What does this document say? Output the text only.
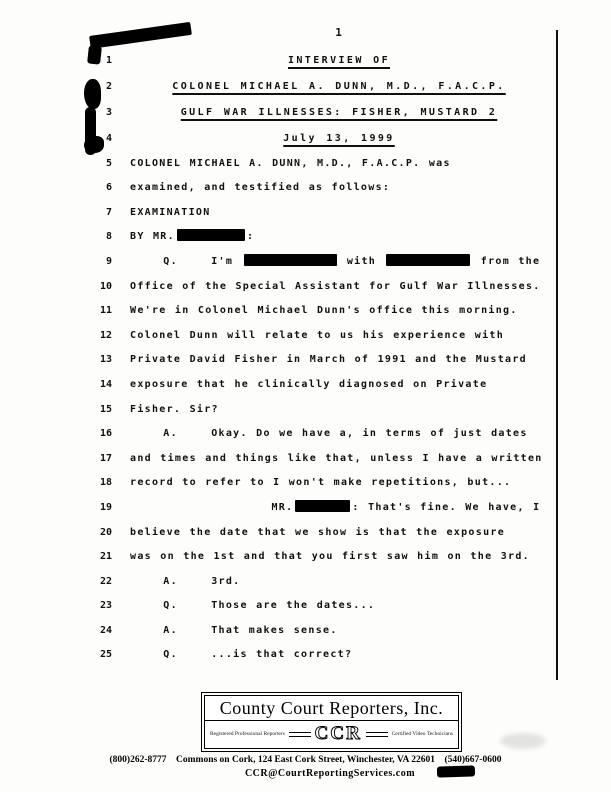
1
1	INTERVIEW OF
2	COLONEL MICHAEL A. DUNN, M.D., F.A.C.P.
3	GULF WAR ILLNESSES: FISHER, MUSTARD 2
4	July 13, 1999
5	COLONEL MICHAEL A. DUNN, M.D., F.A.C.P. was
6	examined, and testified as follows:
7	EXAMINATION
8	BY MR.	:
9	Q.    I'm	with	from the
10	Office of the Special Assistant for Gulf War Illnesses.
11	We're in Colonel Michael Dunn's office this morning.
12	Colonel Dunn will relate to us his experience with
13	Private David Fisher in March of 1991 and the Mustard
14	exposure that he clinically diagnosed on Private
15	Fisher. Sir?
16	A.    Okay. Do we have a, in terms of just dates
17	and times and things like that, unless I have a written
18	record to refer to I won't make repetitions, but...
19	MR.	: That's fine. We have, I
20	believe the date that we show is that the exposure
21	was on the 1st and that you first saw him on the 3rd.
22	A.    3rd.
23	Q.    Those are the dates...
24	A.    That makes sense.
25	Q.    ...is that correct?
County Court Reporters, Inc.
Registered Professional Reporters CCR	Certified Video Technicians
(800)262-8777    Commons on Cork, 124 East Cork Street, Winchester, VA 22601    (540)667-0600
CCR@CourtReportingServices.com
